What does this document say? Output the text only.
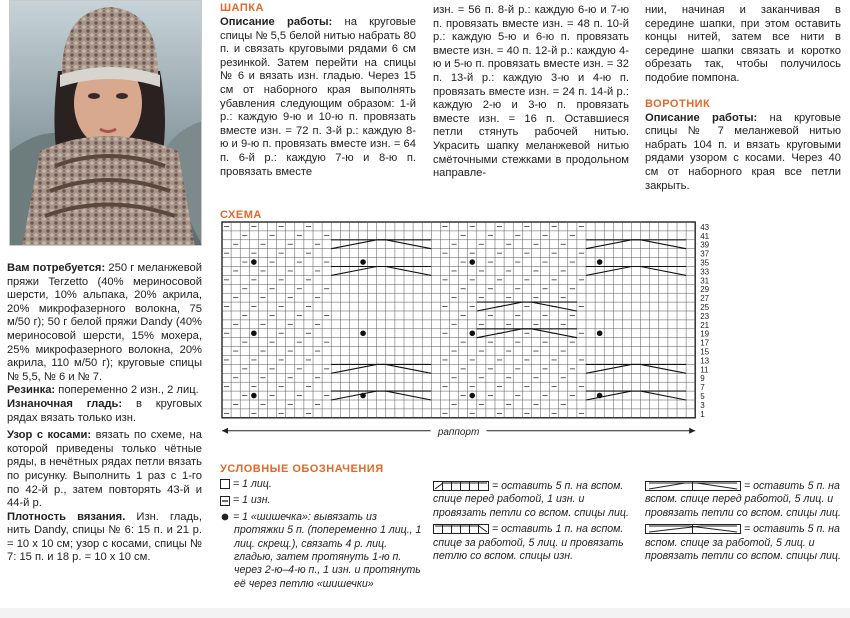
Вам потребуется: 250 г меланжевой пряжи Terzetto (40% мериносовой шерсти, 10% альпака, 20% акрила, 20% микрофазерного волокна, 75 м/50 г); 50 г белой пряжи Dandy (40% мериносовой шерсти, 15% мохера, 25% микрофазерного волокна, 20% акрила, 110 м/50 г); круговые спицы № 5,5, № 6 и № 7.

Резинка: попеременно 2 изн., 2 лиц.

Изнаночная гладь: в круговых рядах вязать только изн.

Узор с косами: вязать по схеме, на которой приведены только чётные ряды, в нечётных рядах петли вязать по рисунку. Выполнить 1 раз с 1-го по 42-й р., затем повторять 43-й и 44-й р.

Плотность вязания. Изн. гладь, нить Dandy, спицы № 6: 15 п. и 21 р. = 10 x 10 см; узор с косами, спицы № 7: 15 п. и 18 р. = 10 x 10 см.

ШАПКА

Описание работы: на круговые спицы № 5,5 белой нитью набрать 80 п. и связать круговыми рядами 6 см резинкой. Затем перейти на спицы № 6 и вязать изн. гладью. Через 15 см от наборного края выполнять убавления следующим образом: 1-й р.: каждую 9-ю и 10-ю п. провязать вместе изн. = 72 п. 3-й р.: каждую 8-ю и 9-ю п. провязать вместе изн. = 64 п. 6-й р.: каждую 7-ю и 8-ю п. провязать вместе

изн. = 56 п. 8-й р.: каждую 6-ю и 7-ю п. провязать вместе изн. = 48 п. 10-й р.: каждую 5-ю и 6-ю п. провязать вместе изн. = 40 п. 12-й р.: каждую 4-ю и 5-ю п. провязать вместе изн. = 32 п. 13-й р.: каждую 3-ю и 4-ю п. провязать вместе изн. = 24 п. 14-й р.: каждую 2-ю и 3-ю п. провязать вместе изн. = 16 п. Оставшиеся петли стянуть рабочей нитью. Украсить шапку меланжевой нитью смёточными стежками в продольном направле-

нии, начиная и заканчивая в середине шапки, при этом оставить концы нитей, затем все нити в середине шапки связать и коротко обрезать так, чтобы получилось подобие помпона.

ВОРОТНИК

Описание работы: на круговые спицы № 7 меланжевой нитью набрать 104 п. и вязать круговыми рядами узором с косами. Через 40 см от наборного края все петли закрыть.

СХЕМА
43
41
39
37
35
33
31
29
27
25
23
21
19
17
15
13
11
9
7
5
3
1
раппорт
УСЛОВНЫЕ ОБОЗНАЧЕНИЯ

= 1 лиц.

= 1 изн.

= 1 «шишечка»: вывязать из протяжки 5 п. (попеременно 1 лиц., 1 лиц. скрещ.), связать 4 р. лиц. гладью, затем протянуть 1-ю п. через 2-ю–4-ю п., 1 изн. и протянуть её через петлю «шишечки»

= оставить 5 п. на вспом. спице перед работой, 1 изн. и провязать петли со вспом. спицы лиц.

= оставить 1 п. на вспом. спице за работой, 5 лиц. и провязать петлю со вспом. спицы изн.

= оставить 5 п. на вспом. спице перед работой, 5 лиц. и провязать петли со вспом. спицы лиц.

= оставить 5 п. на вспом. спице за работой, 5 лиц. и провязать петли со вспом. спицы лиц.
